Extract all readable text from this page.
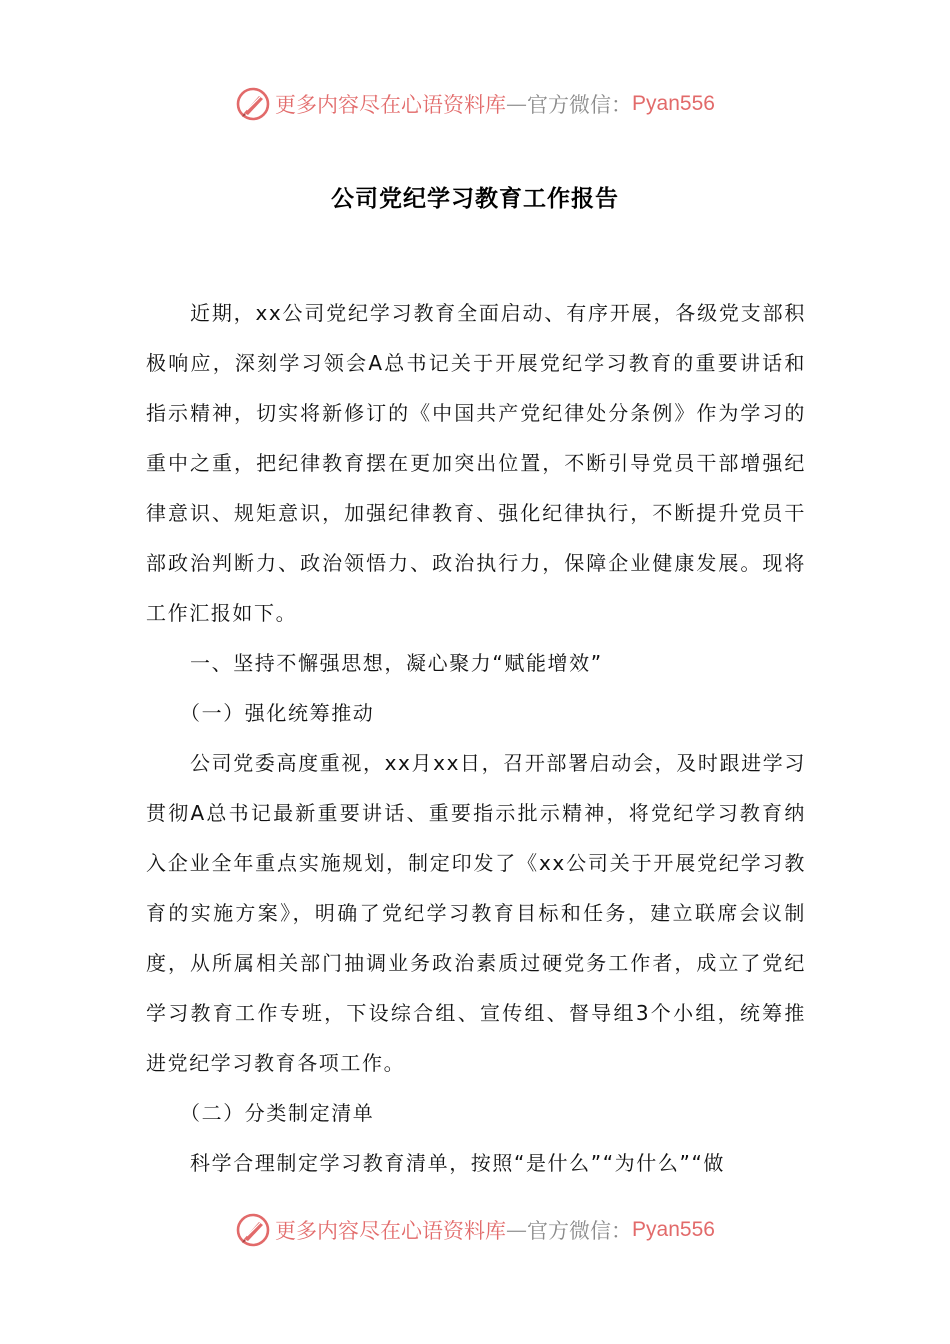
更多内容尽在心语资料库 — 官方微信： Pyan556
公司党纪学习教育工作报告

近期，xx公司党纪学习教育全面启动、有序开展，各级党支部积极响应，深刻学习领会A总书记关于开展党纪学习教育的重要讲话和指示精神，切实将新修订的《中国共产党纪律处分条例》作为学习的重中之重，把纪律教育摆在更加突出位置，不断引导党员干部增强纪律意识、规矩意识，加强纪律教育、强化纪律执行，不断提升党员干部政治判断力、政治领悟力、政治执行力，保障企业健康发展。现将工作汇报如下。

一、坚持不懈强思想，凝心聚力“赋能增效”

（一）强化统筹推动

公司党委高度重视，xx月xx日，召开部署启动会，及时跟进学习贯彻A总书记最新重要讲话、重要指示批示精神，将党纪学习教育纳入企业全年重点实施规划，制定印发了《xx公司关于开展党纪学习教育的实施方案》，明确了党纪学习教育目标和任务，建立联席会议制度，从所属相关部门抽调业务政治素质过硬党务工作者，成立了党纪学习教育工作专班，下设综合组、宣传组、督导组3个小组，统筹推进党纪学习教育各项工作。

（二）分类制定清单

科学合理制定学习教育清单，按照“是什么”“为什么”“做

更多内容尽在心语资料库 — 官方微信： Pyan556
